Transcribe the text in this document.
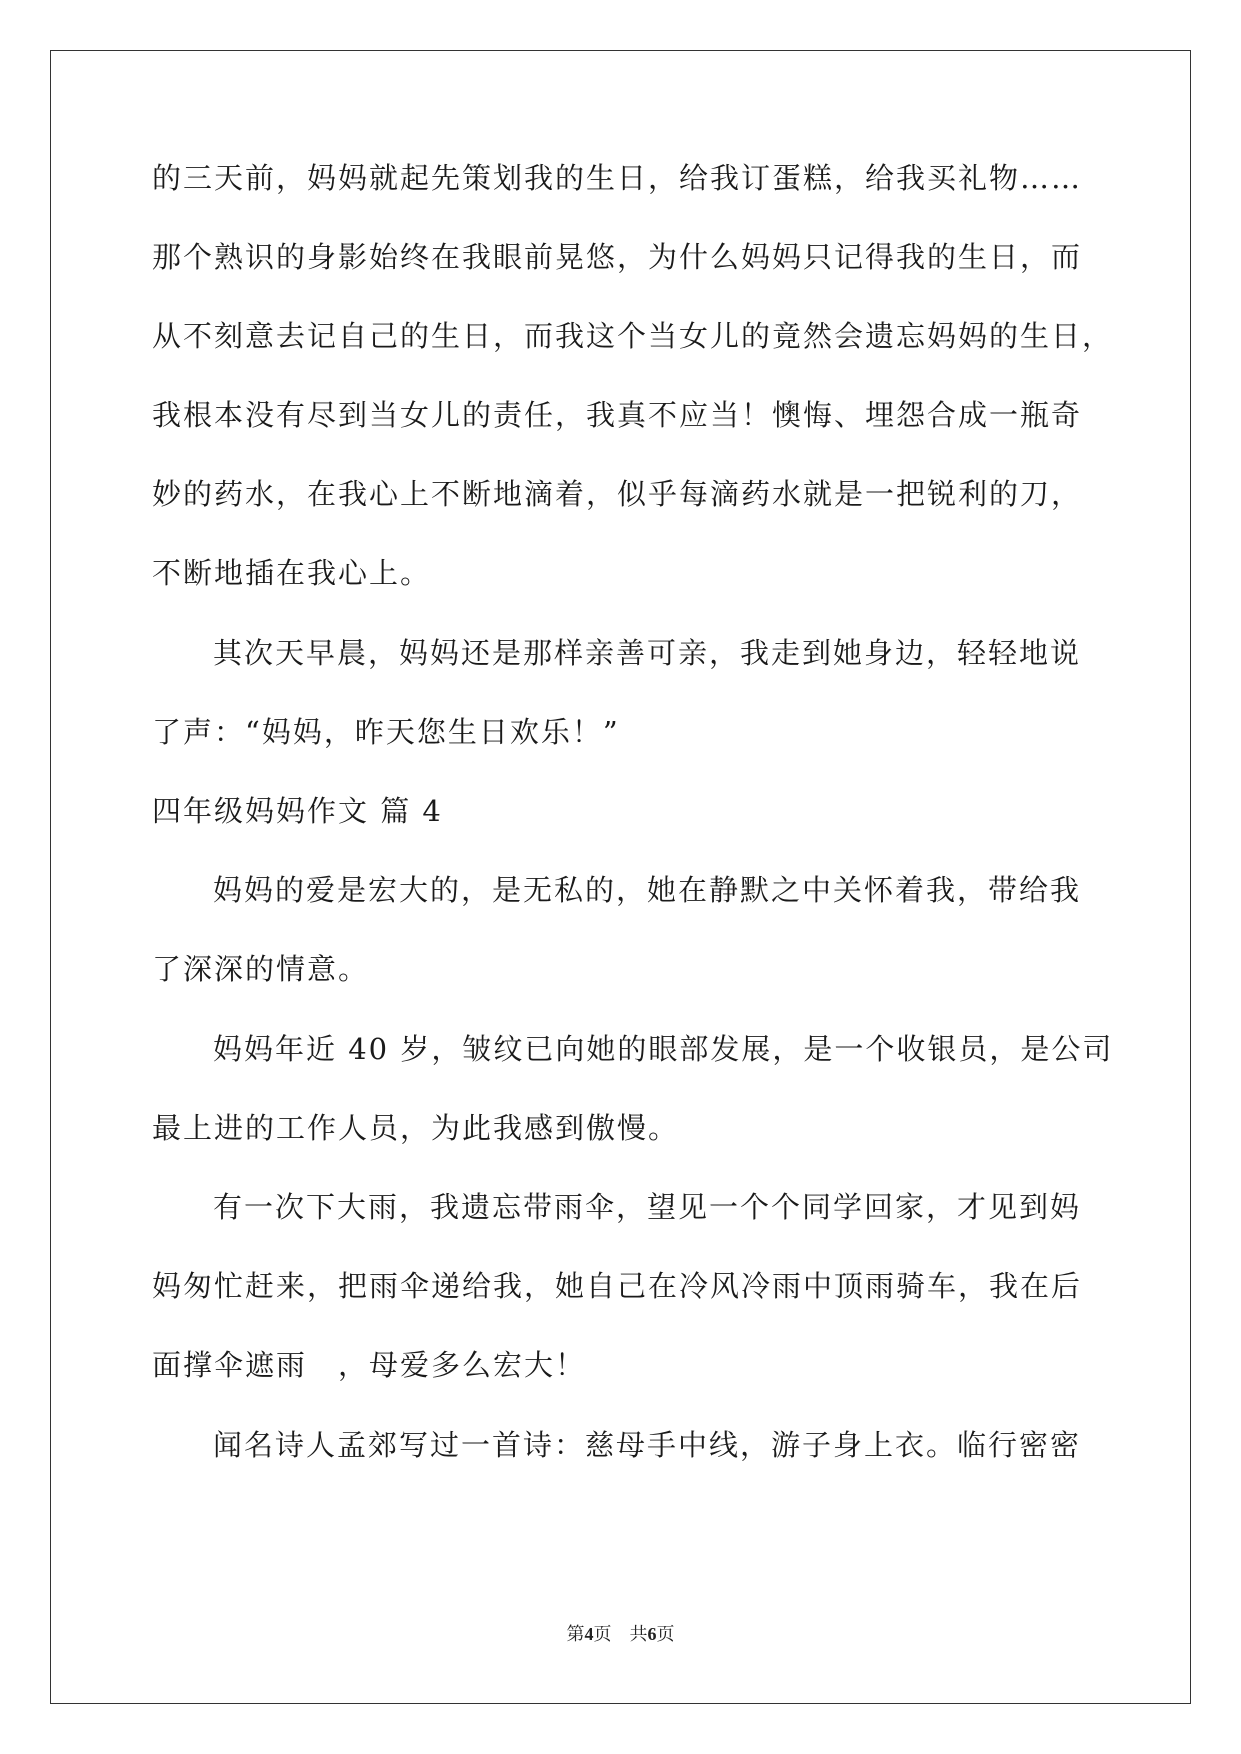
的三天前，妈妈就起先策划我的生日，给我订蛋糕，给我买礼物……
那个熟识的身影始终在我眼前晃悠，为什么妈妈只记得我的生日，而
从不刻意去记自己的生日，而我这个当女儿的竟然会遗忘妈妈的生日，
我根本没有尽到当女儿的责任，我真不应当！懊悔、埋怨合成一瓶奇
妙的药水，在我心上不断地滴着，似乎每滴药水就是一把锐利的刀，
不断地插在我心上。
其次天早晨，妈妈还是那样亲善可亲，我走到她身边，轻轻地说
了声：“妈妈，昨天您生日欢乐！”
四年级妈妈作文 篇 4
妈妈的爱是宏大的，是无私的，她在静默之中关怀着我，带给我
了深深的情意。
妈妈年近 40 岁，皱纹已向她的眼部发展，是一个收银员，是公司
最上进的工作人员，为此我感到傲慢。
有一次下大雨，我遗忘带雨伞，望见一个个同学回家，才见到妈
妈匆忙赶来，把雨伞递给我，她自己在冷风冷雨中顶雨骑车，我在后
面撑伞遮雨　，母爱多么宏大！
闻名诗人孟郊写过一首诗：慈母手中线，游子身上衣。临行密密
第4页 共6页
